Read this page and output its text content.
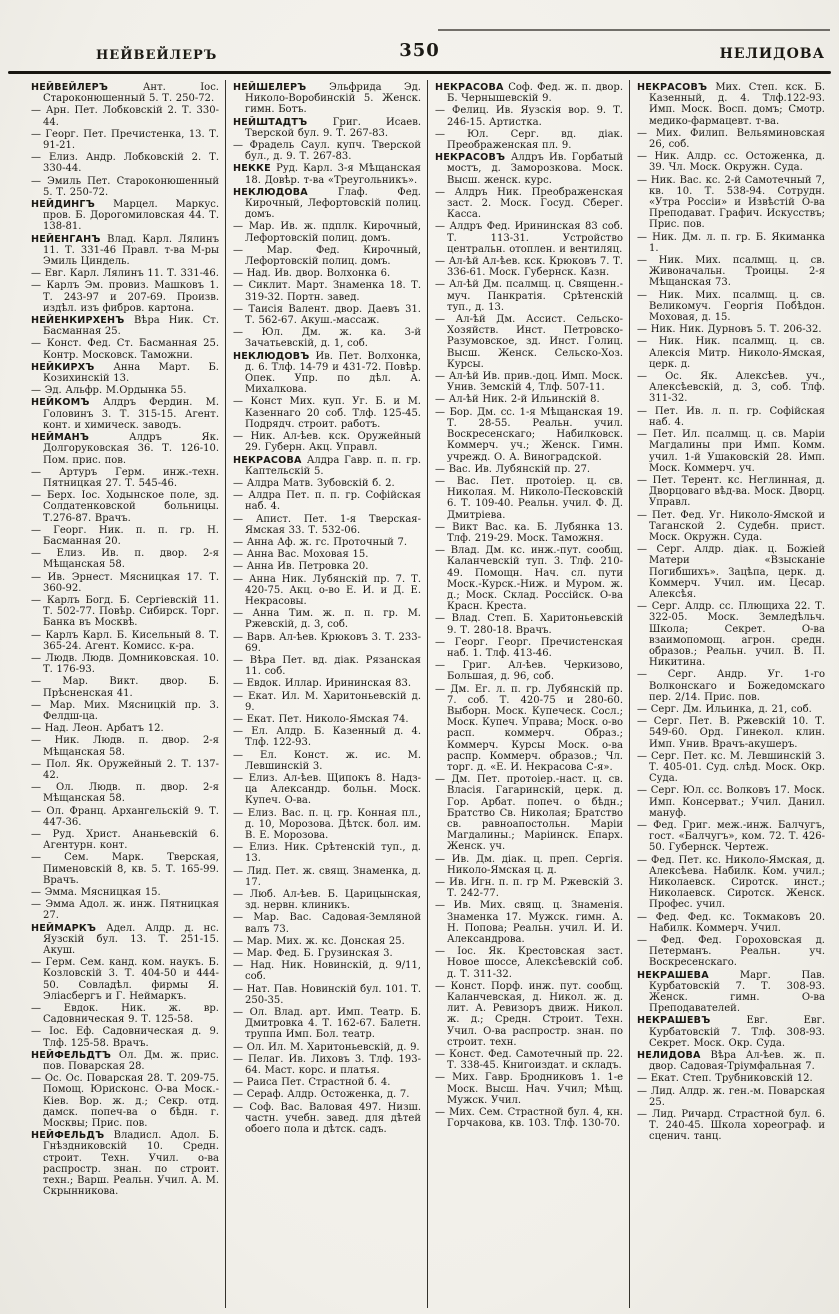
НЕЙВЕЙЛЕРЪ	350	НЕЛИДОВА

НЕЙВЕЙЛЕРЪ Ант. Іос. Староконюшенный 5. Т. 250-72.

— Арн. Пет. Лобковскій 2. Т. 330-44.

— Георг. Пет. Пречистенка, 13. Т. 91-21.

— Елиз. Андр. Лобковскій 2. Т. 330-44.

— Эмиль Пет. Староконюшенный 5. Т. 250-72.

НЕЙДИНГЪ Марцел. Маркус. пров. Б. Дорогомиловская 44. Т. 138-81.

НЕЙЕНГАНЪ Влад. Карл. Лялинъ 11. Т. 331-46 Правл. т-ва М-ры Эмиль Циндель.

— Евг. Карл. Лялинъ 11. Т. 331-46.

— Карлъ Эм. провиз. Машковъ 1. Т. 243-97 и 207-69. Произв. издѣл. изъ фибров. картона.

НЕЙЕНКИРХЕНЪ Вѣра Ник. Ст. Басманная 25.

— Конст. Фед. Ст. Басманная 25. Контр. Московск. Таможни.

НЕЙКИРХЪ Анна Март. Б. Козихинскій 13.

— Эд. Альфр. М.Ордынка 55.

НЕЙКОМЪ Алдръ Фердин. М. Головинъ 3. Т. 315-15. Агент. конт. и химическ. заводъ.

НЕЙМАНЪ Алдръ Як. Долгоруковская 36. Т. 126-10. Пом. прис. пов.

— Артуръ Герм. инж.-техн. Пятницкая 27. Т. 545-46.

— Берх. Іос. Ходынское поле, зд. Солдатенковской больницы. Т.276-87. Врачъ.

— Георг. Ник. п. п. гр. Н. Басманная 20.

— Елиз. Ив. п. двор. 2-я Мѣщанская 58.

— Ив. Эрнест. Мясницкая 17. Т. 360-92.

— Карлъ Богд. Б. Сергіевскій 11. Т. 502-77. Повѣр. Сибирск. Торг. Банка въ Москвѣ.

— Карлъ Карл. Б. Кисельный 8. Т. 365-24. Агент. Комисс. к-ра.

— Людв. Людв. Домниковская. 10. Т. 176-93.

— Мар. Викт. двор. Б. Прѣсненская 41.

— Мар. Мих. Мясницкій пр. 3. Фелдш-ца.

— Над. Леон. Арбатъ 12.

— Ник. Людв. п. двор. 2-я Мѣщанская 58.

— Пол. Як. Оружейный 2. Т. 137-42.

— Ол. Людв. п. двор. 2-я Мѣщанская 58.

— Ол. Франц. Архангельскій 9. Т. 447-36.

— Руд. Христ. Ананьевскій 6. Агентурн. конт.

— Сем. Марк. Тверская, Пименовскій 8, кв. 5. Т. 165-99. Врачъ.

— Эмма. Мясницкая 15.

— Эмма Адол. ж. инж. Пятницкая 27.

НЕЙМАРКЪ Адел. Алдр. д. нс. Яузскій бул. 13. Т. 251-15. Акуш.

— Герм. Сем. канд. ком. наукъ. Б. Козловскій 3. Т. 404-50 и 444-50. Совладѣл. фирмы Я. Эліасбергъ и Г. Неймаркъ.

— Евдок. Ник. ж. вр. Садовническая 9. Т. 125-58.

— Іос. Еф. Садовническая д. 9. Тлф. 125-58. Врачъ.

НЕЙФЕЛЬДТЪ Ол. Дм. ж. прис. пов. Поварская 28.

— Ос. Ос. Поварская 28. Т. 209-75. Помощ. Юрисконс. О-ва Моск.-Кіев. Вор. ж. д.; Секр. отд. дамск. попеч-ва о бѣдн. г. Москвы; Прис. пов.

НЕЙФЕЛЬДЪ Владисл. Адол. Б. Гнѣздниковскій 10. Средн. строит. Техн. Учил. о-ва распростр. знан. по строит. техн.; Варш. Реальн. Учил. А. М. Скрынникова.

НЕЙШЕЛЕРЪ Эльфрида Эд. Николо-Воробинскій 5. Женск. гимн. Ботъ.

НЕЙШТАДТЪ Григ. Исаев. Тверской бул. 9. Т. 267-83.

— Фрадель Саул. купч. Тверской бул., д. 9. Т. 267-83.

НЕККЕ Руд. Карл. 3-я Мѣщанская 18. Довѣр. т-ва «Треугольникъ».

НЕКЛЮДОВА Глаф. Фед. Кирочный, Лефортовскій полиц. домъ.

— Мар. Ив. ж. пдплк. Кирочный, Лефортовскій полиц. домъ.

— Мар. Фед. Кирочный, Лефортовскій полиц. домъ.

— Над. Ив. двор. Волхонка 6.

— Сиклит. Март. Знаменка 18. Т. 319-32. Портн. завед.

— Таисія Валент. двор. Даевъ 31. Т. 562-67. Акуш.-массаж.

— Юл. Дм. ж. ка. 3-й Зачатьевскій, д. 1, соб.

НЕКЛЮДОВЪ Ив. Пет. Волхонка, д. 6. Тлф. 14-79 и 431-72. Повѣр. Опек. Упр. по дѣл. А. Михалкова.

— Конст Мих. куп. Уг. Б. и М. Казеннаго 20 соб. Тлф. 125-45. Подрядч. строит. работъ.

— Ник. Ал-ѣев. кск. Оружейный 29. Губерн. Акц. Управл.

НЕКРАСОВА Алдра Гавр. п. п. гр. Каптельскій 5.

— Алдра Матв. Зубовскій б. 2.

— Алдра Пет. п. п. гр. Софійская наб. 4.

— Апист. Пет. 1-я Тверская-Ямская 33. Т. 532-06.

— Анна Аф. ж. гс. Проточный 7.

— Анна Вас. Моховая 15.

— Анна Ив. Петровка 20.

— Анна Ник. Лубянскій пр. 7. Т. 420-75. Акц. о-во Е. И. и Д. Е. Некрасовы.

— Анна Тим. ж. п. п. гр. М. Ржевскій, д. 3, соб.

— Варв. Ал-ѣев. Крюковъ 3. Т. 233-69.

— Вѣра Пет. вд. діак. Рязанская 11. соб.

— Евдок. Иллар. Ирининская 83.

— Екат. Ил. М. Харитоньевскій д. 9.

— Екат. Пет. Николо-Ямская 74.

— Ел. Алдр. Б. Казенный д. 4. Тлф. 122-93.

— Ел. Конст. ж. ис. М. Левшинскій 3.

— Елиз. Ал-ѣев. Щипокъ 8. Надз-ца Александр. больн. Моск. Купеч. О-ва.

— Елиз. Вас. п. ц. гр. Конная пл., д. 10, Морозова. Дѣтск. бол. им. В. Е. Морозова.

— Елиз. Ник. Срѣтенскій туп., д. 13.

— Лид. Пет. ж. свящ. Знаменка, д. 17.

— Люб. Ал-ѣев. Б. Царицынская, зд. нервн. клиникъ.

— Мар. Вас. Садовая-Земляной валъ 73.

— Мар. Мих. ж. кс. Донская 25.

— Мар. Фед. Б. Грузинская 3.

— Над. Ник. Новинскій, д. 9/11, соб.

— Нат. Пав. Новинскій бул. 101. Т. 250-35.

— Ол. Влад. арт. Имп. Театр. Б. Дмитровка 4. Т. 162-67. Балетн. труппа Имп. Бол. театр.

— Ол. Ил. М. Харитоньевскій, д. 9.

— Пелаг. Ив. Лиховъ 3. Тлф. 193-64. Маст. корс. и платья.

— Раиса Пет. Страстной б. 4.

— Сераф. Алдр. Остоженка, д. 7.

— Соф. Вас. Валовая 497. Низш. частн. учебн. завед. для дѣтей обоего пола и дѣтск. садъ.

НЕКРАСОВА Соф. Фед. ж. п. двор. Б. Чернышевскій 9.

— Фелиц. Ив. Яузскія вор. 9. Т. 246-15. Артистка.

— Юл. Серг. вд. діак. Преображенская пл. 9.

НЕКРАСОВЪ Алдръ Ив. Горбатый мостъ, д. Заморозкова. Моск. Высш. женск. курс.

— Алдръ Ник. Преображенская заст. 2. Моск. Госуд. Сберег. Касса.

— Алдръ Фед. Ирининская 83 соб. Т. 113-31. Устройство центральн. отоплен. и вентиляц.

— Ал-ѣй Ал-ѣев. кск. Крюковъ 7. Т. 336-61. Моск. Губернск. Казн.

— Ал-ѣй Дм. псалмщ. ц. Священн.-муч. Панкратія. Срѣтенскій туп., д. 13.

— Ал-ѣй Дм. Ассист. Сельско-Хозяйств. Инст. Петровско-Разумовское, зд. Инст. Голиц. Высш. Женск. Сельско-Хоз. Курсы.

— Ал-ѣй Ив. прив.-доц. Имп. Моск. Унив. Земскій 4, Тлф. 507-11.

— Ал-ѣй Ник. 2-й Ильинскій 8.

— Бор. Дм. сс. 1-я Мѣщанская 19. Т. 28-55. Реальн. учил. Воскресенскаго; Набилковск. Коммерч. уч.; Женск. Гимн. учрежд. О. А. Виноградской.

— Вас. Ив. Лубянскій пр. 27.

— Вас. Пет. протоіер. ц. св. Николая. М. Николо-Песковскій 6. Т. 109-40. Реальн. учил. Ф. Д. Дмитріева.

— Викт Вас. ка. Б. Лубянка 13. Тлф. 219-29. Моск. Таможня.

— Влад. Дм. кс. инж.-пут. сообщ. Каланчевскій туп. 3. Тлф. 210-49. Помощн. Нач. сл. пути Моск.-Курск.-Ниж. и Муром. ж. д.; Моск. Склад. Россійск. О-ва Красн. Креста.

— Влад. Степ. Б. Харитоньевскій 9. Т. 280-18. Врачъ.

— Георг. Георг. Пречистенская наб. 1. Тлф. 413-46.

— Григ. Ал-ѣев. Черкизово, Большая, д. 96, соб.

— Дм. Ег. л. п. гр. Лубянскій пр. 7. соб. Т. 420-75 и 280-60. Выборн. Моск. Купеческ. Сосл.; Моск. Купеч. Управа; Моск. о-во расп. коммерч. Образ.; Коммерч. Курсы Моск. о-ва распр. Коммерч. образов.; Чл. торг. д. «Е. И. Некрасова С-я».

— Дм. Пет. протоіер.-наст. ц. св. Власія. Гагаринскій, церк. д. Гор. Арбат. попеч. о бѣдн.; Братство Св. Николая; Братство св. равноапостольн. Маріи Магдалины.; Маріинск. Епарх. Женск. уч.

— Ив. Дм. діак. ц. преп. Сергія. Николо-Ямская ц. д.

— Ив. Игн. п. п. гр М. Ржевскій 3. Т. 242-77.

— Ив. Мих. свящ. ц. Знаменія. Знаменка 17. Мужск. гимн. А. Н. Попова; Реальн. учил. И. И. Александрова.

— Іос. Як. Крестовская заст. Новое шоссе, Алексѣевскій соб. д. Т. 311-32.

— Конст. Порф. инж. пут. сообщ. Каланчевская, д. Никол. ж. д. лит. А. Ревизоръ движ. Никол. ж. д.; Средн. Строит. Техн. Учил. О-ва распростр. знан. по строит. техн.

— Конст. Фед. Самотечный пр. 22. Т. 338-45. Книгоиздат. и складъ.

— Мих. Гавр. Бродниковъ 1. 1-е Моск. Высш. Нач. Учил; Мѣщ. Мужск. Учил.

— Мих. Сем. Страстной бул. 4, кн. Горчакова, кв. 103. Тлф. 130-70.

НЕКРАСОВЪ Мих. Степ. кск. Б. Казенный, д. 4. Тлф.122-93. Имп. Моск. Восп. домъ; Смотр. медико-фармацевт. т-ва.

— Мих. Филип. Вельяминовская 26, соб.

— Ник. Алдр. сс. Остоженка, д. 39. Чл. Моск. Окружн. Суда.

— Ник. Вас. кс. 2-й Самотечный 7, кв. 10. Т. 538-94. Сотрудн. «Утра Россіи» и Извѣстій О-ва Преподават. Графич. Искусствъ; Прис. пов.

— Ник. Дм. л. п. гр. Б. Якиманка 1.

— Ник. Мих. псалмщ. ц. св. Живоначальн. Троицы. 2-я Мѣщанская 73.

— Ник. Мих. псалмщ. ц. св. Великомуч. Георгія Побѣдон. Моховая, д. 15.

— Ник. Ник. Дурновъ 5. Т. 206-32.

— Ник. Ник. псалмщ. ц. св. Алексія Митр. Николо-Ямская, церк. д.

— Ос. Як. Алексѣев. уч., Алексѣевскій, д. 3, соб. Тлф. 311-32.

— Пет. Ив. л. п. гр. Софійская наб. 4.

— Пет. Ил. псалмщ. ц. св. Маріи Магдалины при Имп. Комм. учил. 1-й Ушаковскій 28. Имп. Моск. Коммерч. уч.

— Пет. Терент. кс. Неглинная, д. Дворцоваго вѣд-ва. Моск. Дворц. Управл.

— Пет. Фед. Уг. Николо-Ямской и Таганской 2. Судебн. прист. Моск. Окружн. Суда.

— Серг. Алдр. діак. ц. Божіей Матери «Взысканіе Погибшихъ». Зацѣпа, церк. д. Коммерч. Учил. им. Цесар. Алексѣя.

— Серг. Алдр. сс. Плющиха 22. Т. 322-05. Моск. Земледѣльч. Школа; Секрет. О-ва взаимопомощ. агрон. средн. образов.; Реальн. учил. В. П. Никитина.

— Серг. Андр. Уг. 1-го Волконскаго и Божедомскаго пер. 2/14. Прис. пов.

— Серг. Дм. Ильинка, д. 21, соб.

— Серг. Пет. В. Ржевскій 10. Т. 549-60. Орд. Гинекол. клин. Имп. Унив. Врачъ-акушеръ.

— Серг. Пет. кс. М. Левшинскій 3. Т. 405-01. Суд. слѣд. Моск. Окр. Суда.

— Серг. Юл. сс. Волковъ 17. Моск. Имп. Консерват.; Учил. Данил. мануф.

— Фед. Григ. меж.-инж. Балчугъ, гост. «Балчугъ», ком. 72. Т. 426-50. Губернск. Чертеж.

— Фед. Пет. кс. Николо-Ямская, д. Алексѣева. Набилк. Ком. учил.; Николаевск. Сиротск. инст.; Николаевск. Сиротск. Женск. Профес. учил.

— Фед. Фед. кс. Токмаковъ 20. Набилк. Коммерч. Учил.

— Фед. Фед. Гороховская д. Петерманъ. Реальн. уч. Воскресенскаго.

НЕКРАШЕВА Марг. Пав. Курбатовскій 7. Т. 308-93. Женск. гимн. О-ва Преподавателей.

НЕКРАШЕВЪ Евг. Евг. Курбатовскій 7. Тлф. 308-93. Секрет. Моск. Окр. Суда.

НЕЛИДОВА Вѣра Ал-ѣев. ж. п. двор. Садовая-Тріумфальная 7.

— Екат. Степ. Трубниковскій 12.

— Лид. Алдр. ж. ген.-м. Поварская 25.

— Лид. Ричард. Страстной бул. 6. Т. 240-45. Школа хореограф. и сценич. танц.
